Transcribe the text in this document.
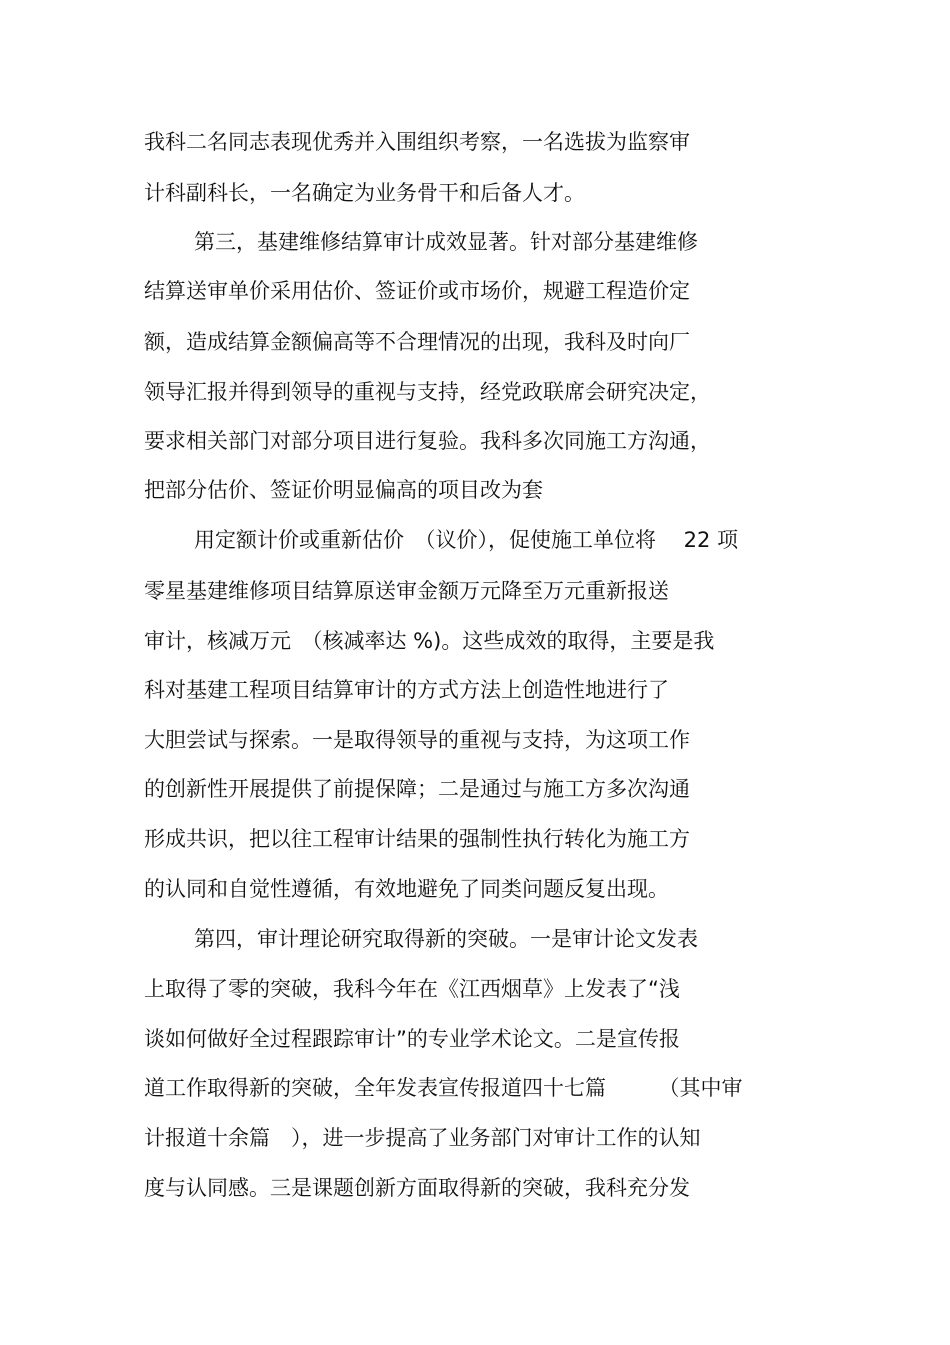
我科二名同志表现优秀并入围组织考察，一名选拔为监察审
计科副科长，一名确定为业务骨干和后备人才。
第三，基建维修结算审计成效显著。针对部分基建维修
结算送审单价采用估价、签证价或市场价，规避工程造价定
额，造成结算金额偏高等不合理情况的出现，我科及时向厂
领导汇报并得到领导的重视与支持，经党政联席会研究决定，
要求相关部门对部分项目进行复验。我科多次同施工方沟通，
把部分估价、签证价明显偏高的项目改为套
用定额计价或重新估价　（议价），促使施工单位将　 22 项
零星基建维修项目结算原送审金额万元降至万元重新报送
审计，核减万元　（核减率达 %)。这些成效的取得，主要是我
科对基建工程项目结算审计的方式方法上创造性地进行了
大胆尝试与探索。一是取得领导的重视与支持，为这项工作
的创新性开展提供了前提保障；二是通过与施工方多次沟通
形成共识，把以往工程审计结果的强制性执行转化为施工方
的认同和自觉性遵循，有效地避免了同类问题反复出现。
第四，审计理论研究取得新的突破。一是审计论文发表
上取得了零的突破，我科今年在《江西烟草》上发表了“浅
谈如何做好全过程跟踪审计”的专业学术论文。二是宣传报
道工作取得新的突破，全年发表宣传报道四十七篇　　　（其中审
计报道十余篇　），进一步提高了业务部门对审计工作的认知
度与认同感。三是课题创新方面取得新的突破，我科充分发
